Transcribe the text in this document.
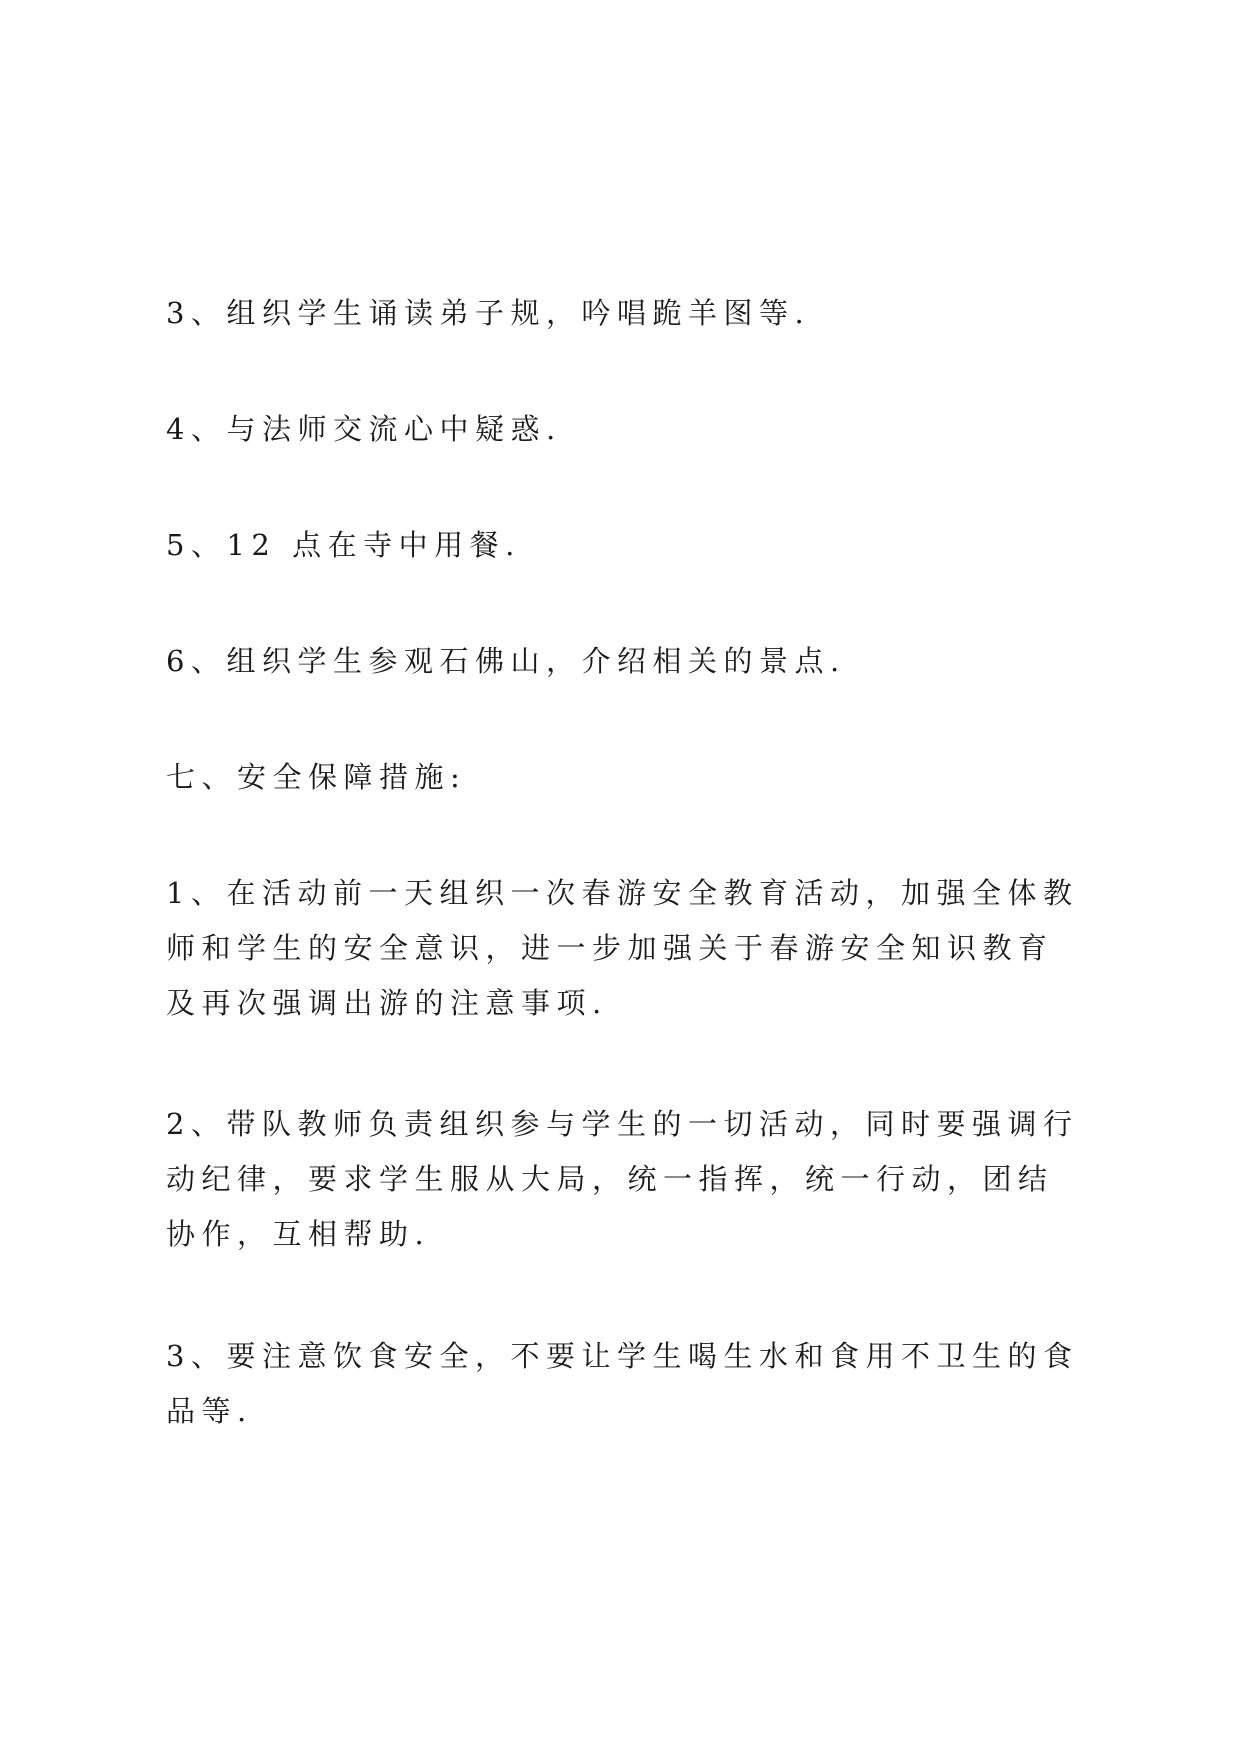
3、组织学生诵读弟子规，吟唱跪羊图等.

4、与法师交流心中疑惑.

5、12 点在寺中用餐.

6、组织学生参观石佛山，介绍相关的景点.

七、安全保障措施:

1、在活动前一天组织一次春游安全教育活动，加强全体教师和学生的安全意识，进一步加强关于春游安全知识教育及再次强调出游的注意事项.

2、带队教师负责组织参与学生的一切活动，同时要强调行动纪律，要求学生服从大局，统一指挥，统一行动，团结协作，互相帮助.

3、要注意饮食安全，不要让学生喝生水和食用不卫生的食品等.
